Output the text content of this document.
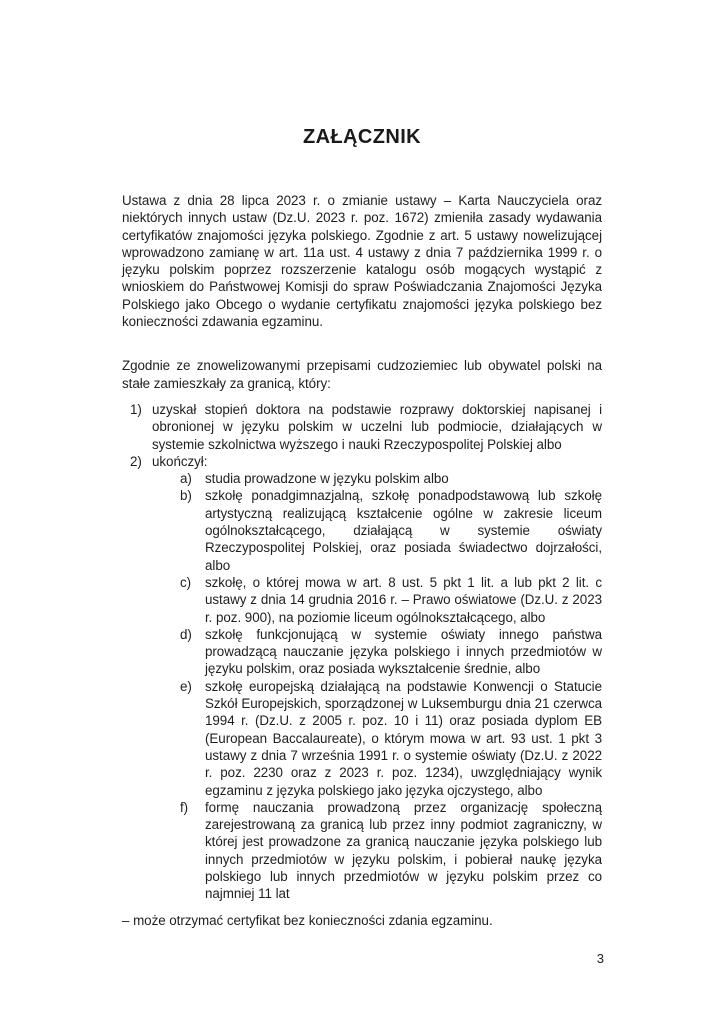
ZAŁĄCZNIK

Ustawa z dnia 28 lipca 2023 r. o zmianie ustawy – Karta Nauczyciela oraz niektórych innych ustaw (Dz.U. 2023 r. poz. 1672) zmieniła zasady wydawania certyfikatów znajomości języka polskiego. Zgodnie z art. 5 ustawy nowelizującej wprowadzono zamianę w art. 11a ust. 4 ustawy z dnia 7 października 1999 r. o języku polskim poprzez rozszerzenie katalogu osób mogących wystąpić z wnioskiem do Państwowej Komisji do spraw Poświadczania Znajomości Języka Polskiego jako Obcego o wydanie certyfikatu znajomości języka polskiego bez konieczności zdawania egzaminu.

Zgodnie ze znowelizowanymi przepisami cudzoziemiec lub obywatel polski na stałe zamieszkały za granicą, który:

1) uzyskał stopień doktora na podstawie rozprawy doktorskiej napisanej i obronionej w języku polskim w uczelni lub podmiocie, działających w systemie szkolnictwa wyższego i nauki Rzeczypospolitej Polskiej albo
2) ukończył:
a) studia prowadzone w języku polskim albo
b) szkołę ponadgimnazjalną, szkołę ponadpodstawową lub szkołę artystyczną realizującą kształcenie ogólne w zakresie liceum ogólnokształcącego, działającą w systemie oświaty Rzeczypospolitej Polskiej, oraz posiada świadectwo dojrzałości, albo
c)	szkołę, o której mowa w art. 8 ust. 5 pkt 1 lit. a lub pkt 2 lit. c ustawy z dnia 14 grudnia 2016 r. – Prawo oświatowe (Dz.U. z 2023 r. poz. 900), na poziomie liceum ogólnokształcącego, albo
d) szkołę funkcjonującą w systemie oświaty innego państwa prowadzącą nauczanie języka polskiego i innych przedmiotów w języku polskim, oraz posiada wykształcenie średnie, albo
e) szkołę europejską działającą na podstawie Konwencji o Statucie Szkół Europejskich, sporządzonej w Luksemburgu dnia 21 czerwca 1994 r. (Dz.U. z 2005 r. poz. 10 i 11) oraz posiada dyplom EB (European Baccalaureate), o którym mowa w art. 93 ust. 1 pkt 3 ustawy z dnia 7 września 1991 r. o systemie oświaty (Dz.U. z 2022 r. poz. 2230 oraz z 2023 r. poz. 1234), uwzględniający wynik egzaminu z języka polskiego jako języka ojczystego, albo
f)	formę nauczania prowadzoną przez organizację społeczną zarejestrowaną za granicą lub przez inny podmiot zagraniczny, w której jest prowadzone za granicą nauczanie języka polskiego lub innych przedmiotów w języku polskim, i pobierał naukę języka polskiego lub innych przedmiotów w języku polskim przez co najmniej 11 lat

– może otrzymać certyfikat bez konieczności zdania egzaminu.

3
